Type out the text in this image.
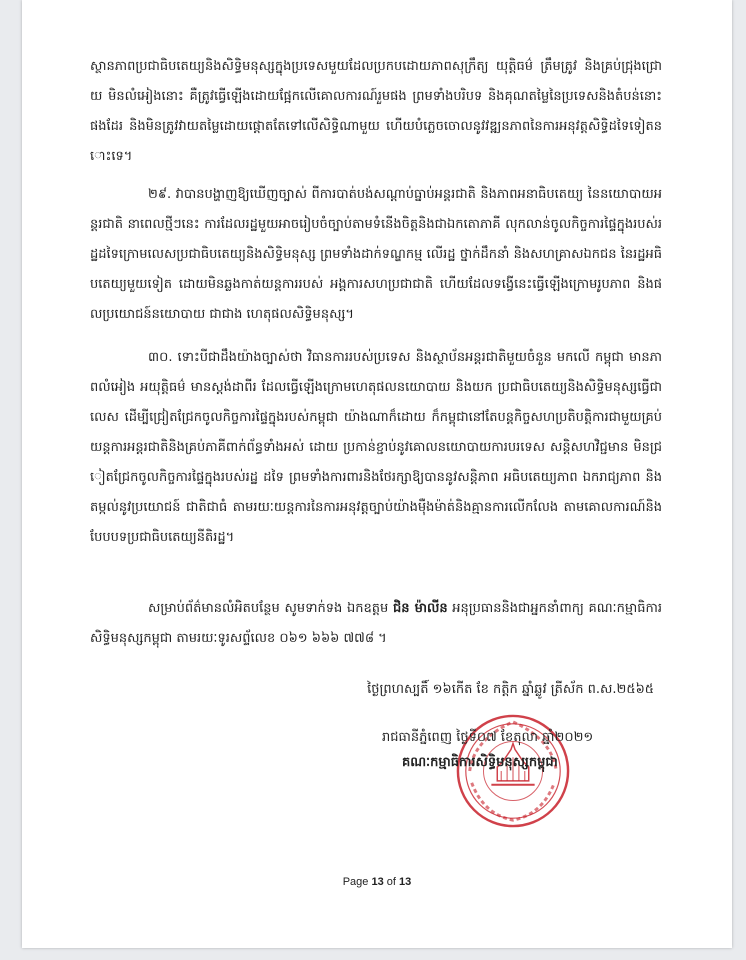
ស្ថានភាពប្រជាធិបតេយ្យនិងសិទ្ធិមនុស្សក្នុងប្រទេសមួយដែលប្រកបដោយភាពសុក្រឹត្យ យុត្តិធម៌ ត្រឹមត្រូវ និងគ្រប់ជ្រុងជ្រោយ មិនលំអៀងនោះ គឺត្រូវធ្វើឡើងដោយផ្អែកលើគោលការណ៍រួមផង ព្រមទាំងបរិបទ និងគុណតម្លៃនៃប្រទេសនិងតំបន់នោះផងដែរ និងមិនត្រូវវាយតម្លៃដោយផ្តោតតែទៅលើសិទ្ធិណាមួយ ហើយបំភ្លេចចោលនូវវឌ្ឍនភាពនៃការអនុវត្តសិទ្ធិដទៃទៀតនោះទេ។

២៩. វាបានបង្ហាញឱ្យឃើញច្បាស់ ពីការបាត់បង់សណ្តាប់ធ្នាប់អន្តរជាតិ និងភាពអនាធិបតេយ្យ នៃនយោបាយអន្តរជាតិ នាពេលថ្មីៗនេះ ការដែលរដ្ឋមួយអាចរៀបចំច្បាប់តាមទំនើងចិត្តនិងជាឯកតោភាគី លុកលាន់ចូលកិច្ចការផ្ទៃក្នុងរបស់រដ្ឋដទៃក្រោមលេសប្រជាធិបតេយ្យនិងសិទ្ធិមនុស្ស ព្រមទាំងដាក់ទណ្ឌកម្ម លើរដ្ឋ ថ្នាក់ដឹកនាំ និងសហគ្រាសឯកជន នៃរដ្ឋអធិបតេយ្យមួយទៀត ដោយមិនឆ្លងកាត់យន្តការរបស់ អង្គការសហប្រជាជាតិ ហើយដែលទង្វើនេះធ្វើឡើងក្រោមរូបភាព និងផលប្រយោជន៍នយោបាយ ជាជាង ហេតុផលសិទ្ធិមនុស្ស។

៣០. ទោះបីជាដឹងយ៉ាងច្បាស់ថា វិធានការរបស់ប្រទេស និងស្ថាប័នអន្តរជាតិមួយចំនួន មកលើ កម្ពុជា មានភាពលំអៀង អយុត្តិធម៌ មានស្តង់ដាពីរ ដែលធ្វើឡើងក្រោមហេតុផលនយោបាយ និងយក ប្រជាធិបតេយ្យនិងសិទ្ធិមនុស្សធ្វើជាលេស ដើម្បីជ្រៀតជ្រែកចូលកិច្ចការផ្ទៃក្នុងរបស់កម្ពុជា យ៉ាងណាក៏ដោយ ក៏កម្ពុជានៅតែបន្តកិច្ចសហប្រតិបត្តិការជាមួយគ្រប់យន្តការអន្តរជាតិនិងគ្រប់ភាគីពាក់ព័ន្ធទាំងអស់ ដោយ ប្រកាន់ខ្ជាប់នូវគោលនយោបាយការបរទេស សន្តិសហវិជ្ជមាន មិនជ្រៀតជ្រែកចូលកិច្ចការផ្ទៃក្នុងរបស់រដ្ឋ ដទៃ ព្រមទាំងការពារនិងថែរក្សាឱ្យបាននូវសន្តិភាព អធិបតេយ្យភាព ឯករាជ្យភាព និងតម្កល់នូវប្រយោជន៍ ជាតិជាធំ តាមរយៈយន្តការនៃការអនុវត្តច្បាប់យ៉ាងម៉ឺងម៉ាត់និងគ្មានការលើកលែង តាមគោលការណ៍និង បែបបទប្រជាធិបតេយ្យនីតិរដ្ឋ។

សម្រាប់ព័ត៌មានលំអិតបន្ថែម សូមទាក់ទង ឯកឧត្តម ជិន ម៉ាលីន អនុប្រធាននិងជាអ្នកនាំពាក្យ គណៈកម្មាធិការសិទ្ធិមនុស្សកម្ពុជា តាមរយៈទូរសព្ទ័លេខ ០៦១ ៦៦៦ ៧៧៨ ។

ថ្ងៃព្រហស្បតិ៍ ១៦កើត ខែ កត្តិក ឆ្នាំឆ្លូវ ត្រីស័ក ព.ស.២៥៦៥
រាជធានីភ្នំពេញ ថ្ងៃទី០៧ ខែតុលា ឆ្នាំ២០២១
គណៈកម្មាធិការសិទ្ធិមនុស្សកម្ពុជា
Page 13 of 13
